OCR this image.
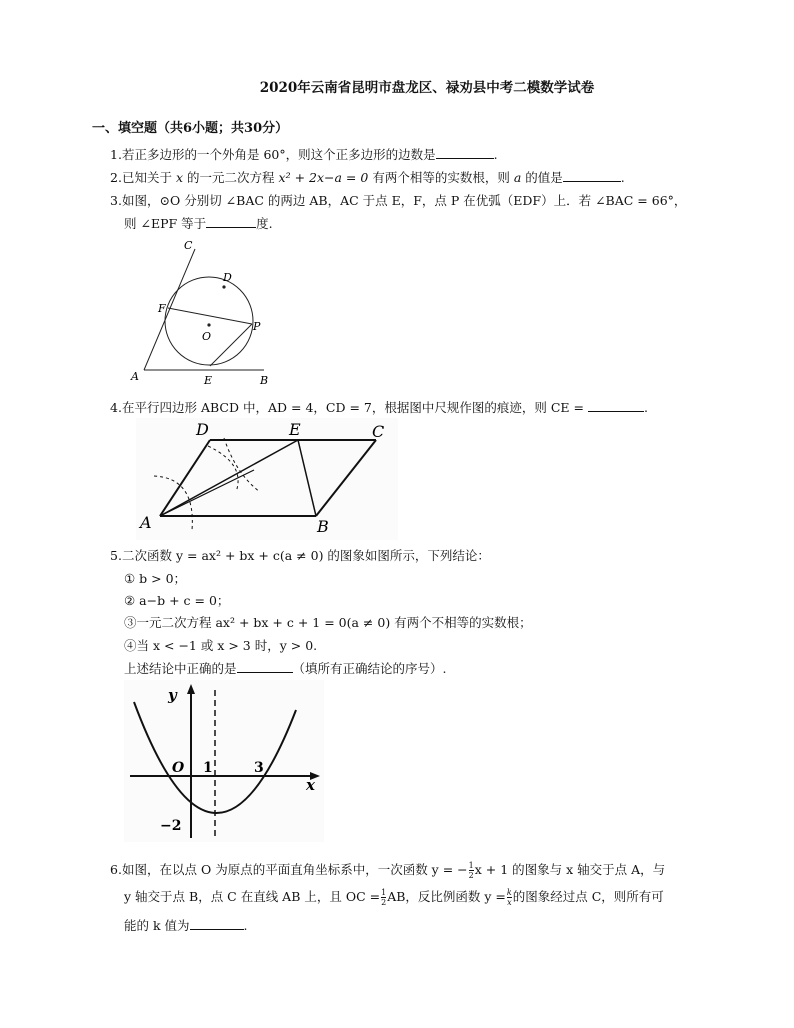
2020年云南省昆明市盘龙区、禄劝县中考二模数学试卷
一、填空题（共6小题；共30分）
1.若正多边形的一个外角是 60°，则这个正多边形的边数是	.
2.已知关于 x 的一元二次方程 x² + 2x−a = 0 有两个相等的实数根，则 a 的值是	.
3.如图，⊙O 分别切 ∠BAC 的两边 AB，AC 于点 E，F，点 P 在优弧（EDF）上．若 ∠BAC = 66°，
则 ∠EPF 等于	度.
C
D
F
O
P
A	E	B
4.在平行四边形 ABCD 中，AD = 4，CD = 7，根据图中尺规作图的痕迹，则 CE =	.
D	E	C
A	B
5.二次函数 y = ax² + bx + c(a ≠ 0) 的图象如图所示，下列结论：
① b > 0；
② a−b + c = 0；
③一元二次方程 ax² + bx + c + 1 = 0(a ≠ 0) 有两个不相等的实数根；
④当 x < −1 或 x > 3 时，y > 0.
上述结论中正确的是	（填所有正确结论的序号）.
y
x
O 1	3
−2
6.如图，在以点 O 为原点的平面直角坐标系中，一次函数 y = − $\frac{1}{2}$ x + 1 的图象与 x 轴交于点 A，与
y 轴交于点 B，点 C 在直线 AB 上，且 OC = $\frac{1}{2}$ AB，反比例函数 $y = \frac{k}{x}$ 的图象经过点 C，则所有可
能的 k 值为	.
